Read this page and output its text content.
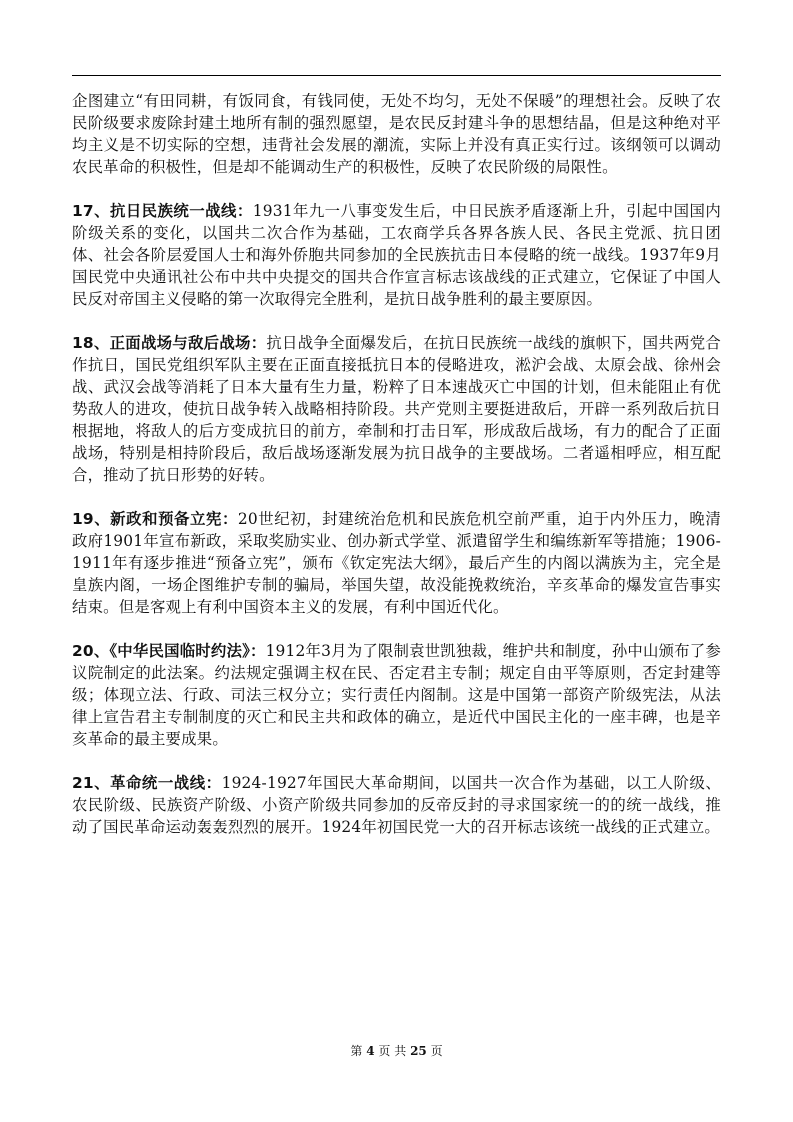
企图建立“有田同耕，有饭同食，有钱同使，无处不均匀，无处不保暖”的理想社会。反映了农民阶级要求废除封建土地所有制的强烈愿望，是农民反封建斗争的思想结晶，但是这种绝对平均主义是不切实际的空想，违背社会发展的潮流，实际上并没有真正实行过。该纲领可以调动农民革命的积极性，但是却不能调动生产的积极性，反映了农民阶级的局限性。

17、抗日民族统一战线：1931年九一八事变发生后，中日民族矛盾逐渐上升，引起中国国内阶级关系的变化，以国共二次合作为基础，工农商学兵各界各族人民、各民主党派、抗日团体、社会各阶层爱国人士和海外侨胞共同参加的全民族抗击日本侵略的统一战线。1937年9月国民党中央通讯社公布中共中央提交的国共合作宣言标志该战线的正式建立，它保证了中国人民反对帝国主义侵略的第一次取得完全胜利，是抗日战争胜利的最主要原因。

18、正面战场与敌后战场：抗日战争全面爆发后，在抗日民族统一战线的旗帜下，国共两党合作抗日，国民党组织军队主要在正面直接抵抗日本的侵略进攻，淞沪会战、太原会战、徐州会战、武汉会战等消耗了日本大量有生力量，粉粹了日本速战灭亡中国的计划，但未能阻止有优势敌人的进攻，使抗日战争转入战略相持阶段。共产党则主要挺进敌后，开辟一系列敌后抗日根据地，将敌人的后方变成抗日的前方，牵制和打击日军，形成敌后战场，有力的配合了正面战场，特别是相持阶段后，敌后战场逐渐发展为抗日战争的主要战场。二者遥相呼应，相互配合，推动了抗日形势的好转。

19、新政和预备立宪：20世纪初，封建统治危机和民族危机空前严重，迫于内外压力，晚清政府1901年宣布新政，采取奖励实业、创办新式学堂、派遣留学生和编练新军等措施；1906-1911年有逐步推进“预备立宪”，颁布《钦定宪法大纲》，最后产生的内阁以满族为主，完全是皇族内阁，一场企图维护专制的骗局，举国失望，故没能挽救统治，辛亥革命的爆发宣告事实结束。但是客观上有利中国资本主义的发展，有利中国近代化。

20、《中华民国临时约法》：1912年3月为了限制袁世凯独裁，维护共和制度，孙中山颁布了参议院制定的此法案。约法规定强调主权在民、否定君主专制；规定自由平等原则，否定封建等级；体现立法、行政、司法三权分立；实行责任内阁制。这是中国第一部资产阶级宪法，从法律上宣告君主专制制度的灭亡和民主共和政体的确立，是近代中国民主化的一座丰碑，也是辛亥革命的最主要成果。

21、革命统一战线：1924-1927年国民大革命期间，以国共一次合作为基础，以工人阶级、农民阶级、民族资产阶级、小资产阶级共同参加的反帝反封的寻求国家统一的的统一战线，推动了国民革命运动轰轰烈烈的展开。1924年初国民党一大的召开标志该统一战线的正式建立。

第 4 页 共 25 页
